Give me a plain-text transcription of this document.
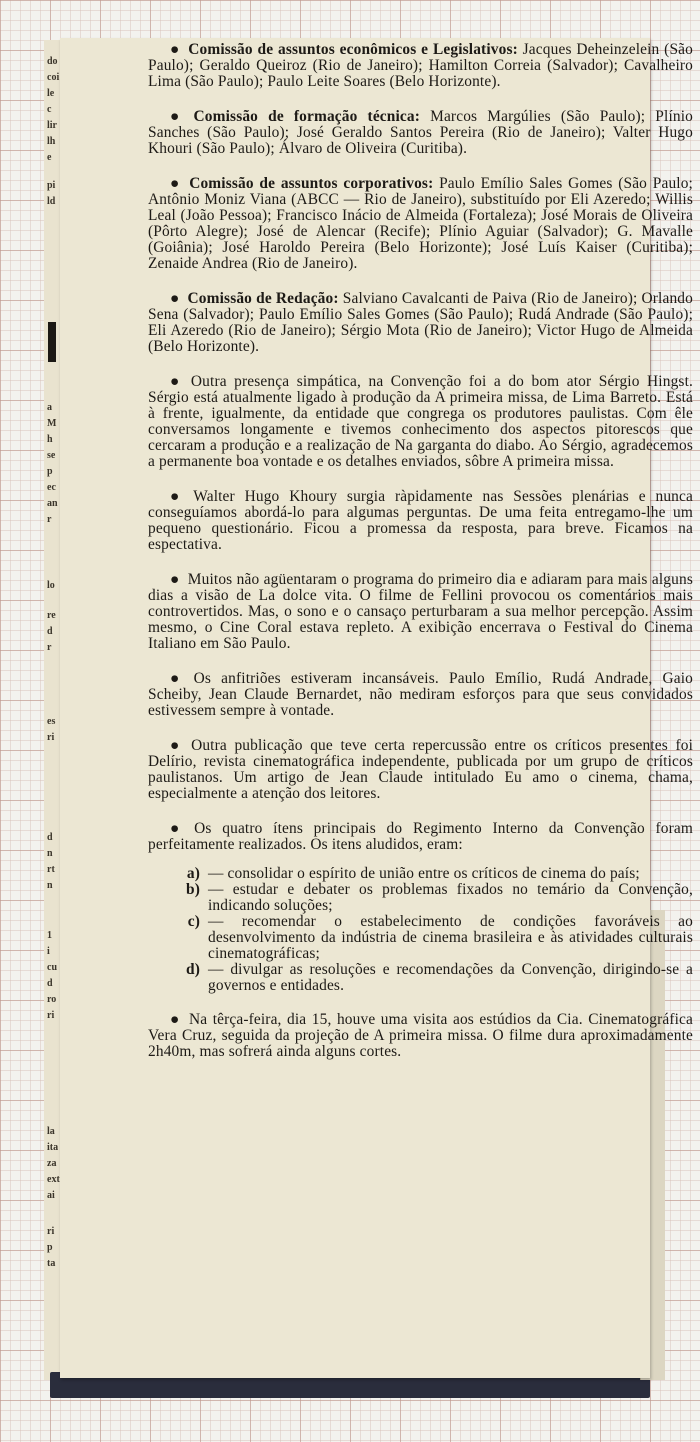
do
coi
le
c
lir
lh
e
pi
ld
a
M
h
se
p
ec
an
r
lo
re
d
r
es
ri
d
n
rt
n
1
i
cu
d
ro
ri
la
ita
za
ext
ai
ri
p
ta

● Comissão de assuntos econômicos e Legislativos: Jacques Deheinzelein (São Paulo); Geraldo Queiroz (Rio de Janeiro); Hamilton Correia (Salvador); Cavalheiro Lima (São Paulo); Paulo Leite Soares (Belo Horizonte).

● Comissão de formação técnica: Marcos Margúlies (São Paulo); Plínio Sanches (São Paulo); José Geraldo Santos Pereira (Rio de Janeiro); Valter Hugo Khouri (São Paulo); Álvaro de Oliveira (Curitiba).

● Comissão de assuntos corporativos: Paulo Emílio Sales Gomes (São Paulo; Antônio Moniz Viana (ABCC — Rio de Janeiro), substituído por Eli Azeredo; Willis Leal (João Pessoa); Francisco Inácio de Almeida (Fortaleza); José Morais de Oliveira (Pôrto Alegre); José de Alencar (Recife); Plínio Aguiar (Salvador); G. Mavalle (Goiânia); José Haroldo Pereira (Belo Horizonte); José Luís Kaiser (Curitiba); Zenaide Andrea (Rio de Janeiro).

● Comissão de Redação: Salviano Cavalcanti de Paiva (Rio de Janeiro); Orlando Sena (Salvador); Paulo Emílio Sales Gomes (São Paulo); Rudá Andrade (São Paulo); Eli Azeredo (Rio de Janeiro); Sérgio Mota (Rio de Janeiro); Victor Hugo de Almeida (Belo Horizonte).

● Outra presença simpática, na Convenção foi a do bom ator Sérgio Hingst. Sérgio está atualmente ligado à produção da A primeira missa, de Lima Barreto. Está à frente, igualmente, da entidade que congrega os produtores paulistas. Com êle conversamos longamente e tivemos conhecimento dos aspectos pitorescos que cercaram a produção e a realização de Na garganta do diabo. Ao Sérgio, agradecemos a permanente boa vontade e os detalhes enviados, sôbre A primeira missa.

● Walter Hugo Khoury surgia ràpidamente nas Sessões plenárias e nunca conseguíamos abordá-lo para algumas perguntas. De uma feita entregamo-lhe um pequeno questionário. Ficou a promessa da resposta, para breve. Ficamos na espectativa.

● Muitos não agüentaram o programa do primeiro dia e adiaram para mais alguns dias a visão de La dolce vita. O filme de Fellini provocou os comentários mais controvertidos. Mas, o sono e o cansaço perturbaram a sua melhor percepção. Assim mesmo, o Cine Coral estava repleto. A exibição encerrava o Festival do Cinema Italiano em São Paulo.

● Os anfitriões estiveram incansáveis. Paulo Emílio, Rudá Andrade, Gaio Scheiby, Jean Claude Bernardet, não mediram esforços para que seus convidados estivessem sempre à vontade.

● Outra publicação que teve certa repercussão entre os críticos presentes foi Delírio, revista cinematográfica independente, publicada por um grupo de críticos paulistanos. Um artigo de Jean Claude intitulado Eu amo o cinema, chama, especialmente a atenção dos leitores.

● Os quatro ítens principais do Regimento Interno da Convenção foram perfeitamente realizados. Os itens aludidos, eram:

a) — consolidar o espírito de união entre os críticos de cinema do país;
b) — estudar e debater os problemas fixados no temário da Convenção, indicando soluções;
c) — recomendar o estabelecimento de condições favoráveis ao desenvolvimento da indústria de cinema brasileira e às atividades culturais cinematográficas;
d) — divulgar as resoluções e recomendações da Convenção, dirigindo-se a governos e entidades.

● Na têrça-feira, dia 15, houve uma visita aos estúdios da Cia. Cinematográfica Vera Cruz, seguida da projeção de A primeira missa. O filme dura aproximadamente 2h40m, mas sofrerá ainda alguns cortes.
